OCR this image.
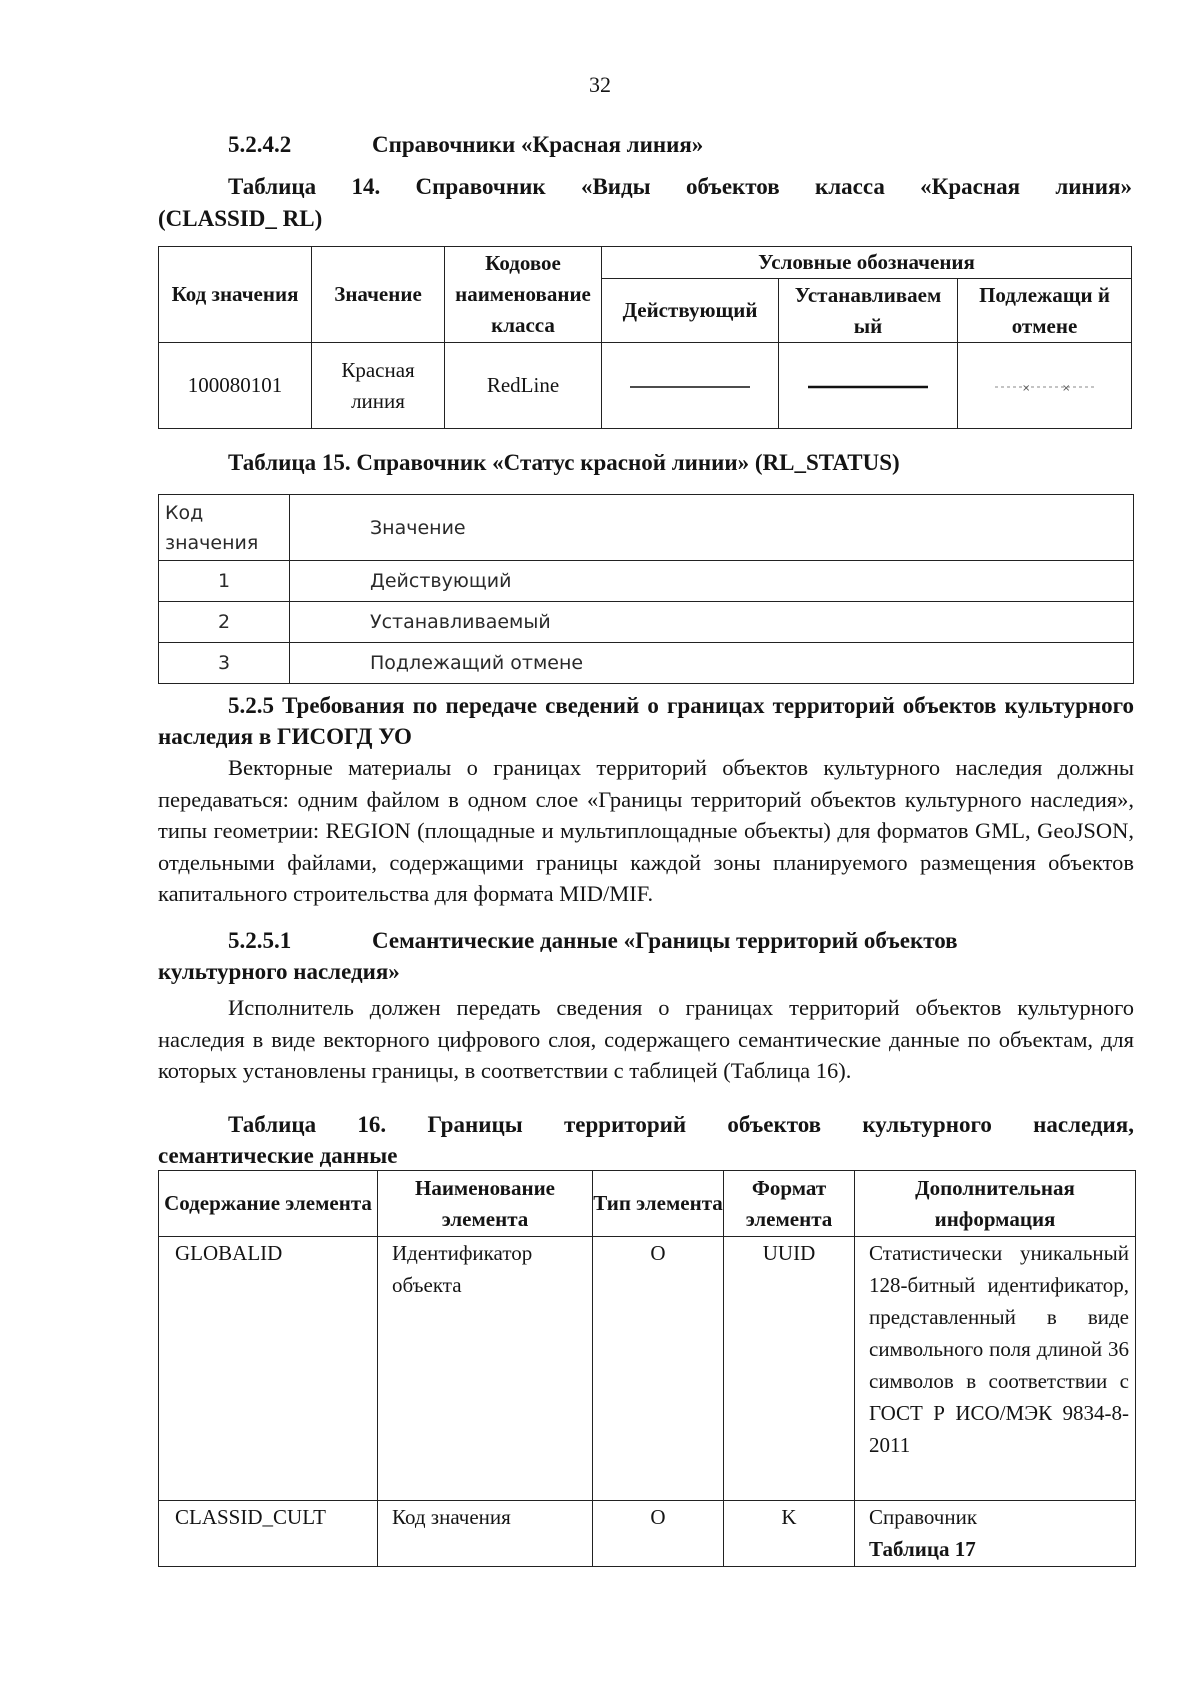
32
5.2.4.2	Справочники «Красная линия»
Таблица 14. Справочник «Виды объектов класса «Красная линия»
(CLASSID_ RL)
Код значения	Значение	Кодовое наименование класса	Условные обозначения		
			Действующий	Устанавливаем ый	Подлежащи й отмене
100080101	Красная линия	RedLine			× ×
Таблица 15. Справочник «Статус красной линии» (RL_STATUS)
Код значения	Значение
1	Действующий
2	Устанавливаемый
3	Подлежащий отмене
5.2.5 Требования по передаче сведений о границах территорий объектов культурного наследия в ГИСОГД УО
Векторные материалы о границах территорий объектов культурного наследия должны передаваться: одним файлом в одном слое «Границы территорий объектов культурного наследия», типы геометрии: REGION (площадные и мультиплощадные объекты) для форматов GML, GeoJSON, отдельными файлами, содержащими границы каждой зоны планируемого размещения объектов капитального строительства для формата MID/MIF.
5.2.5.1	Семантические данные «Границы территорий объектов
культурного наследия»
Исполнитель должен передать сведения о границах территорий объектов культурного наследия в виде векторного цифрового слоя, содержащего семантические данные по объектам, для которых установлены границы, в соответствии с таблицей (Таблица 16).
Таблица 16. Границы территорий объектов культурного наследия,
семантические данные
Содержание элемента	Наименование элемента	Тип элемента	Формат элемента	Дополнительная информация
GLOBALID	Идентификатор объекта	O	UUID	Статистически уникальный 128-битный идентификатор, представленный в виде символьного поля длиной 36 символов в соответствии с ГОСТ Р ИСО/МЭК 9834-8-2011
CLASSID_CULT	Код значения	O	K	Справочник
Таблица 17
